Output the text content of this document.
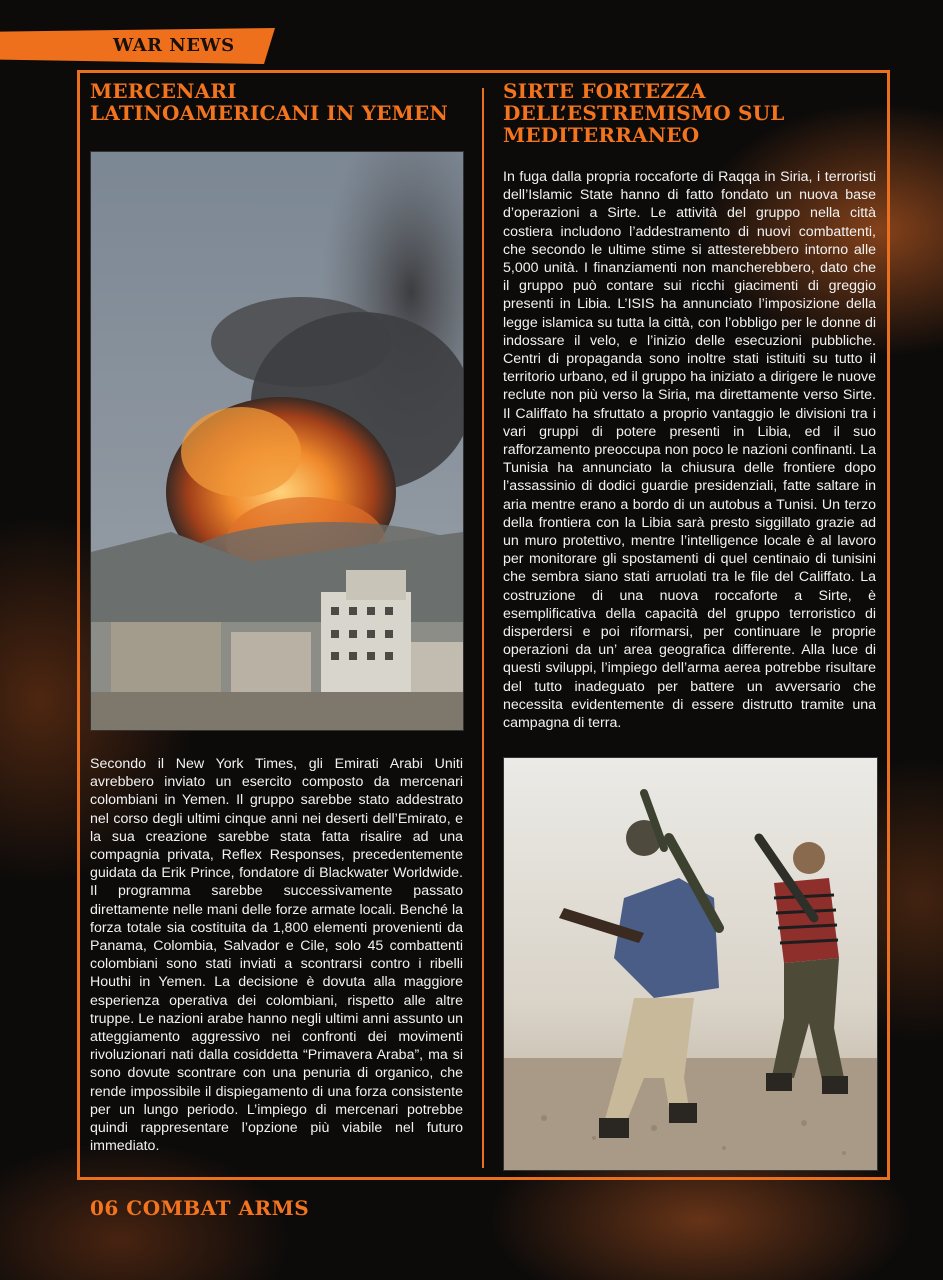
WAR NEWS
MERCENARI LATINOAMERICANI IN YEMEN

Secondo il New York Times, gli Emirati Arabi Uniti avrebbero inviato un esercito composto da mercenari colombiani in Yemen. Il gruppo sarebbe stato addestrato nel corso degli ultimi cinque anni nei deserti dell’Emirato, e la sua creazione sarebbe stata fatta risalire ad una compagnia privata, Reflex Responses, precedentemente guidata da Erik Prince, fondatore di Blackwater Worldwide. Il programma sarebbe successivamente passato direttamente nelle mani delle forze armate locali. Benché la forza totale sia costituita da 1,800 elementi provenienti da Panama, Colombia, Salvador e Cile, solo 45 combattenti colombiani sono stati inviati a scontrarsi contro i ribelli Houthi in Yemen. La decisione è dovuta alla maggiore esperienza operativa dei colombiani, rispetto alle altre truppe. Le nazioni arabe hanno negli ultimi anni assunto un atteggiamento aggressivo nei confronti dei movimenti rivoluzionari nati dalla cosiddetta “Primavera Araba”, ma si sono dovute scontrare con una penuria di organico, che rende impossibile il dispiegamento di una forza consistente per un lungo periodo. L’impiego di mercenari potrebbe quindi rappresentare l’opzione più viabile nel futuro immediato.

SIRTE FORTEZZA DELL’ESTREMISMO SUL MEDITERRANEO

In fuga dalla propria roccaforte di Raqqa in Siria, i terroristi dell’Islamic State hanno di fatto fondato un nuova base d’operazioni a Sirte. Le attività del gruppo nella città costiera includono l’addestramento di nuovi combattenti, che secondo le ultime stime si attesterebbero intorno alle 5,000 unità. I finanziamenti non mancherebbero, dato che il gruppo può contare sui ricchi giacimenti di greggio presenti in Libia. L’ISIS ha annunciato l’imposizione della legge islamica su tutta la città, con l’obbligo per le donne di indossare il velo, e l’inizio delle esecuzioni pubbliche. Centri di propaganda sono inoltre stati istituiti su tutto il territorio urbano, ed il gruppo ha iniziato a dirigere le nuove reclute non più verso la Siria, ma direttamente verso Sirte. Il Califfato ha sfruttato a proprio vantaggio le divisioni tra i vari gruppi di potere presenti in Libia, ed il suo rafforzamento preoccupa non poco le nazioni confinanti. La Tunisia ha annunciato la chiusura delle frontiere dopo l’assassinio di dodici guardie presidenziali, fatte saltare in aria mentre erano a bordo di un autobus a Tunisi. Un terzo della frontiera con la Libia sarà presto siggillato grazie ad un muro protettivo, mentre l’intelligence locale è al lavoro per monitorare gli spostamenti di quel centinaio di tunisini che sembra siano stati arruolati tra le file del Califfato. La costruzione di una nuova roccaforte a Sirte, è esemplificativa della capacità del gruppo terroristico di disperdersi e poi riformarsi, per continuare le proprie operazioni da un’ area geografica differente. Alla luce di questi sviluppi, l’impiego dell’arma aerea potrebbe risultare del tutto inadeguato per battere un avversario che necessita evidentemente di essere distrutto tramite una campagna di terra.

06 COMBAT ARMS
